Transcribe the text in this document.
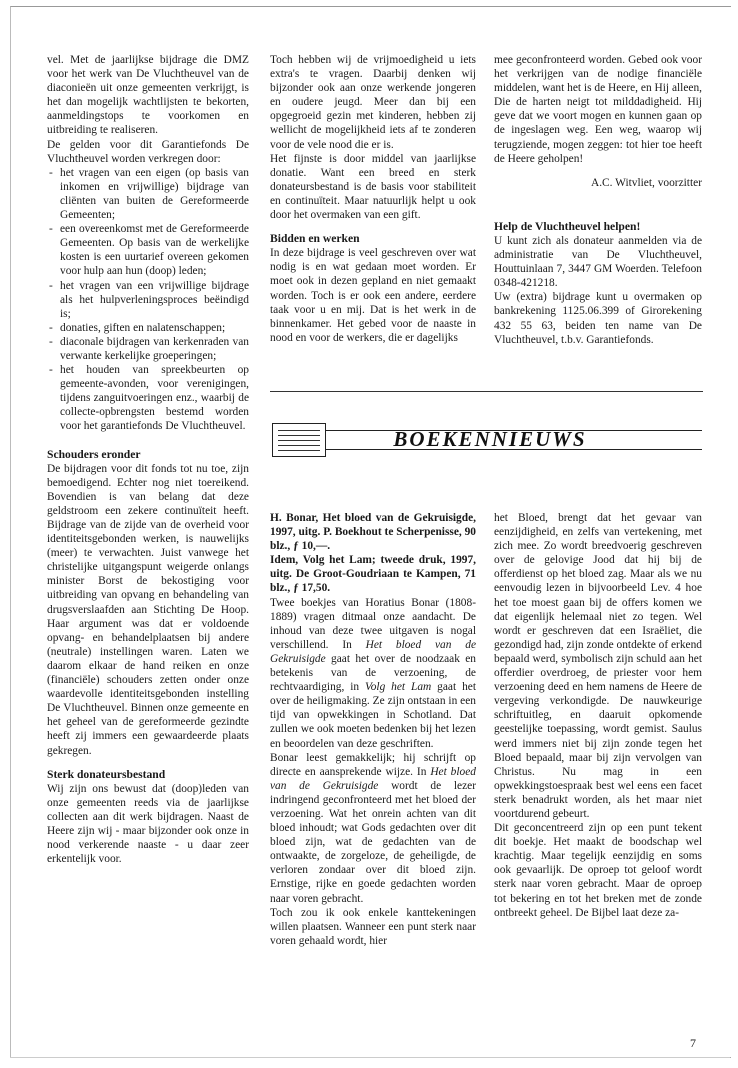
vel. Met de jaarlijkse bijdrage die DMZ voor het werk van De Vluchtheuvel van de diaconieën uit onze gemeenten verkrijgt, is het dan mogelijk wachtlijsten te bekorten, aanmeldingstops te voorkomen en uitbreiding te realiseren.

De gelden voor dit Garantiefonds De Vluchtheuvel worden verkregen door:

- het vragen van een eigen (op basis van inkomen en vrijwillige) bijdrage van cliënten van buiten de Gereformeerde Gemeenten;
- een overeenkomst met de Gereformeerde Gemeenten. Op basis van de werkelijke kosten is een uurtarief overeen gekomen voor hulp aan hun (doop) leden;
- het vragen van een vrijwillige bijdrage als het hulpverleningsproces beëindigd is;
- donaties, giften en nalatenschappen;
- diaconale bijdragen van kerkenraden van verwante kerkelijke groeperingen;
- het houden van spreekbeurten op gemeente-avonden, voor verenigingen, tijdens zanguitvoeringen enz., waarbij de collecte-opbrengsten bestemd worden voor het garantiefonds De Vluchtheuvel.
Schouders eronder

De bijdragen voor dit fonds tot nu toe, zijn bemoedigend. Echter nog niet toereikend. Bovendien is van belang dat deze geldstroom een zekere continuïteit heeft. Bijdrage van de zijde van de overheid voor identiteitsgebonden werken, is nauwelijks (meer) te verwachten. Juist vanwege het christelijke uitgangspunt weigerde onlangs minister Borst de bekostiging voor uitbreiding van opvang en behandeling van drugsverslaafden aan Stichting De Hoop. Haar argument was dat er voldoende opvang- en behandelplaatsen bij andere (neutrale) instellingen waren. Laten we daarom elkaar de hand reiken en onze (financiële) schouders zetten onder onze waardevolle identiteitsgebonden instelling De Vluchtheuvel. Binnen onze gemeente en het geheel van de gereformeerde gezindte heeft zij immers een gewaardeerde plaats gekregen.

Sterk donateursbestand

Wij zijn ons bewust dat (doop)leden van onze gemeenten reeds via de jaarlijkse collecten aan dit werk bijdragen. Naast de Heere zijn wij - maar bijzonder ook onze in nood verkerende naaste - u daar zeer erkentelijk voor.

Toch hebben wij de vrijmoedigheid u iets extra's te vragen. Daarbij denken wij bijzonder ook aan onze werkende jongeren en oudere jeugd. Meer dan bij een opgegroeid gezin met kinderen, hebben zij wellicht de mogelijkheid iets af te zonderen voor de vele nood die er is.

Het fijnste is door middel van jaarlijkse donatie. Want een breed en sterk donateursbestand is de basis voor stabiliteit en continuïteit. Maar natuurlijk helpt u ook door het overmaken van een gift.

Bidden en werken

In deze bijdrage is veel geschreven over wat nodig is en wat gedaan moet worden. Er moet ook in dezen gepland en niet gemaakt worden. Toch is er ook een andere, eerdere taak voor u en mij. Dat is het werk in de binnenkamer. Het gebed voor de naaste in nood en voor de werkers, die er dagelijks

mee geconfronteerd worden. Gebed ook voor het verkrijgen van de nodige financiële middelen, want het is de Heere, en Hij alleen, Die de harten neigt tot milddadigheid. Hij geve dat we voort mogen en kunnen gaan op de ingeslagen weg. Een weg, waarop wij terugziende, mogen zeggen: tot hier toe heeft de Heere geholpen!

A.C. Witvliet, voorzitter

Help de Vluchtheuvel helpen!

U kunt zich als donateur aanmelden via de administratie van De Vluchtheuvel, Houttuinlaan 7, 3447 GM Woerden. Telefoon 0348-421218.

Uw (extra) bijdrage kunt u overmaken op bankrekening 1125.06.399 of Girorekening 432 55 63, beiden ten name van De Vluchtheuvel, t.b.v. Garantiefonds.

BOEKENNIEUWS

H. Bonar, Het bloed van de Gekruisigde, 1997, uitg. P. Boekhout te Scherpenisse, 90 blz., ƒ 10,—.

Idem, Volg het Lam; tweede druk, 1997, uitg. De Groot-Goudriaan te Kampen, 71 blz., ƒ 17,50.

Twee boekjes van Horatius Bonar (1808-1889) vragen ditmaal onze aandacht. De inhoud van deze twee uitgaven is nogal verschillend. In Het bloed van de Gekruisigde gaat het over de noodzaak en betekenis van de verzoening, de rechtvaardiging, in Volg het Lam gaat het over de heiligmaking. Ze zijn ontstaan in een tijd van opwekkingen in Schotland. Dat zullen we ook moeten bedenken bij het lezen en beoordelen van deze geschriften.

Bonar leest gemakkelijk; hij schrijft op directe en aansprekende wijze. In Het bloed van de Gekruisigde wordt de lezer indringend geconfronteerd met het bloed der verzoening. Wat het onrein achten van dit bloed inhoudt; wat Gods gedachten over dit bloed zijn, wat de gedachten van de ontwaakte, de zorgeloze, de geheiligde, de verloren zondaar over dit bloed zijn. Ernstige, rijke en goede gedachten worden naar voren gebracht.

Toch zou ik ook enkele kanttekeningen willen plaatsen. Wanneer een punt sterk naar voren gehaald wordt, hier

het Bloed, brengt dat het gevaar van eenzijdigheid, en zelfs van vertekening, met zich mee. Zo wordt breedvoerig geschreven over de gelovige Jood dat hij bij de offerdienst op het bloed zag. Maar als we nu eenvoudig lezen in bijvoorbeeld Lev. 4 hoe het toe moest gaan bij de offers komen we dat eigenlijk helemaal niet zo tegen. Wel wordt er geschreven dat een Israëliet, die gezondigd had, zijn zonde ontdekte of erkend bepaald werd, symbolisch zijn schuld aan het offerdier overdroeg, de priester voor hem verzoening deed en hem namens de Heere de vergeving verkondigde. De nauwkeurige schriftuitleg, en daaruit opkomende geestelijke toepassing, wordt gemist. Saulus werd immers niet bij zijn zonde tegen het Bloed bepaald, maar bij zijn vervolgen van Christus. Nu mag in een opwekkingstoespraak best wel eens een facet sterk benadrukt worden, als het maar niet voortdurend gebeurt.

Dit geconcentreerd zijn op een punt tekent dit boekje. Het maakt de boodschap wel krachtig. Maar tegelijk eenzijdig en soms ook gevaarlijk. De oproep tot geloof wordt sterk naar voren gebracht. Maar de oproep tot bekering en tot het breken met de zonde ontbreekt geheel. De Bijbel laat deze za-

7
